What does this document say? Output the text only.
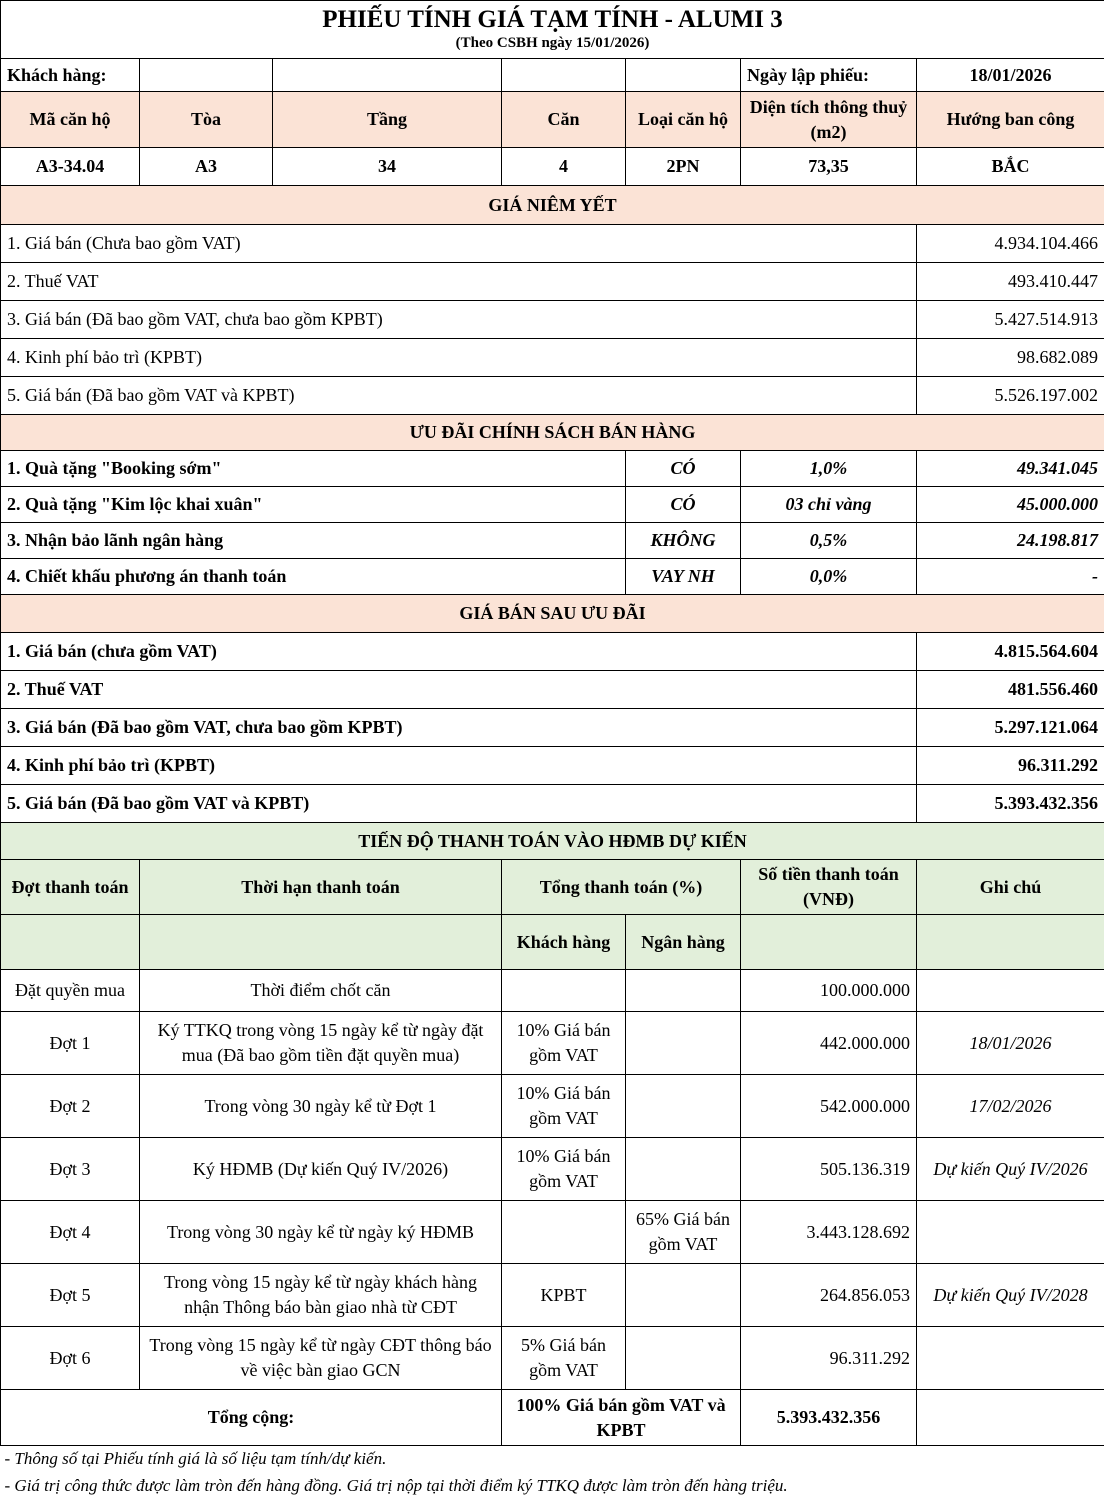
PHIẾU TÍNH GIÁ TẠM TÍNH - ALUMI 3						
(Theo CSBH ngày 15/01/2026)						
Khách hàng:					Ngày lập phiếu:	18/01/2026
Mã căn hộ	Tòa	Tầng	Căn	Loại căn hộ	Diện tích thông thuỷ (m2)	Hướng ban công
A3-34.04	A3	34	4	2PN	73,35	BẮC
GIÁ NIÊM YẾT						
1. Giá bán (Chưa bao gồm VAT)						4.934.104.466
2. Thuế VAT						493.410.447
3. Giá bán (Đã bao gồm VAT, chưa bao gồm KPBT)						5.427.514.913
4. Kinh phí bảo trì (KPBT)						98.682.089
5. Giá bán (Đã bao gồm VAT và KPBT)						5.526.197.002
ƯU ĐÃI CHÍNH SÁCH BÁN HÀNG						
1. Quà tặng "Booking sớm"				CÓ	1,0%	49.341.045
2. Quà tặng "Kim lộc khai xuân"				CÓ	03 chỉ vàng	45.000.000
3. Nhận bảo lãnh ngân hàng				KHÔNG	0,5%	24.198.817
4. Chiết khấu phương án thanh toán				VAY NH	0,0%	-
GIÁ BÁN SAU ƯU ĐÃI						
1. Giá bán (chưa gồm VAT)						4.815.564.604
2. Thuế VAT						481.556.460
3. Giá bán (Đã bao gồm VAT, chưa bao gồm KPBT)						5.297.121.064
4. Kinh phí bảo trì (KPBT)						96.311.292
5. Giá bán (Đã bao gồm VAT và KPBT)						5.393.432.356
TIẾN ĐỘ THANH TOÁN VÀO HĐMB DỰ KIẾN						
Đợt thanh toán	Thời hạn thanh toán		Tổng thanh toán (%)		Số tiền thanh toán (VNĐ)	Ghi chú
			Khách hàng	Ngân hàng		
Đặt quyền mua	Thời điểm chốt căn				100.000.000	
Đợt 1	Ký TTKQ trong vòng 15 ngày kể từ ngày đặt mua (Đã bao gồm tiền đặt quyền mua)		10% Giá bán gồm VAT		442.000.000	18/01/2026
Đợt 2	Trong vòng 30 ngày kể từ Đợt 1		10% Giá bán gồm VAT		542.000.000	17/02/2026
Đợt 3	Ký HĐMB (Dự kiến Quý IV/2026)		10% Giá bán gồm VAT		505.136.319	Dự kiến Quý IV/2026
Đợt 4	Trong vòng 30 ngày kể từ ngày ký HĐMB			65% Giá bán gồm VAT	3.443.128.692	
Đợt 5	Trong vòng 15 ngày kể từ ngày khách hàng nhận Thông báo bàn giao nhà từ CĐT		KPBT		264.856.053	Dự kiến Quý IV/2028
Đợt 6	Trong vòng 15 ngày kể từ ngày CĐT thông báo về việc bàn giao GCN		5% Giá bán gồm VAT		96.311.292	
Tổng cộng:			100% Giá bán gồm VAT và KPBT		5.393.432.356	
- Thông số tại Phiếu tính giá là số liệu tạm tính/dự kiến.						
- Giá trị công thức được làm tròn đến hàng đồng. Giá trị nộp tại thời điểm ký TTKQ được làm tròn đến hàng triệu.						
